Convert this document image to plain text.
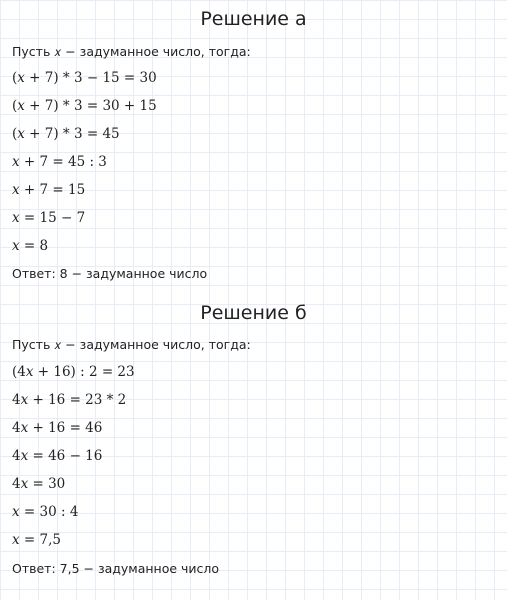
Решение а
Пусть 𝑥 − задуманное число, тогда:
(𝑥 + 7) * 3 − 15 = 30
(𝑥 + 7) * 3 = 30 + 15
(𝑥 + 7) * 3 = 45
𝑥 + 7 = 45 : 3
𝑥 + 7 = 15
𝑥 = 15 − 7
𝑥 = 8
Ответ: 8 − задуманное число
Решение б
Пусть 𝑥 − задуманное число, тогда:
(4𝑥 + 16) : 2 = 23
4𝑥 + 16 = 23 * 2
4𝑥 + 16 = 46
4𝑥 = 46 − 16
4𝑥 = 30
𝑥 = 30 : 4
𝑥 = 7,5
Ответ: 7,5 − задуманное число
